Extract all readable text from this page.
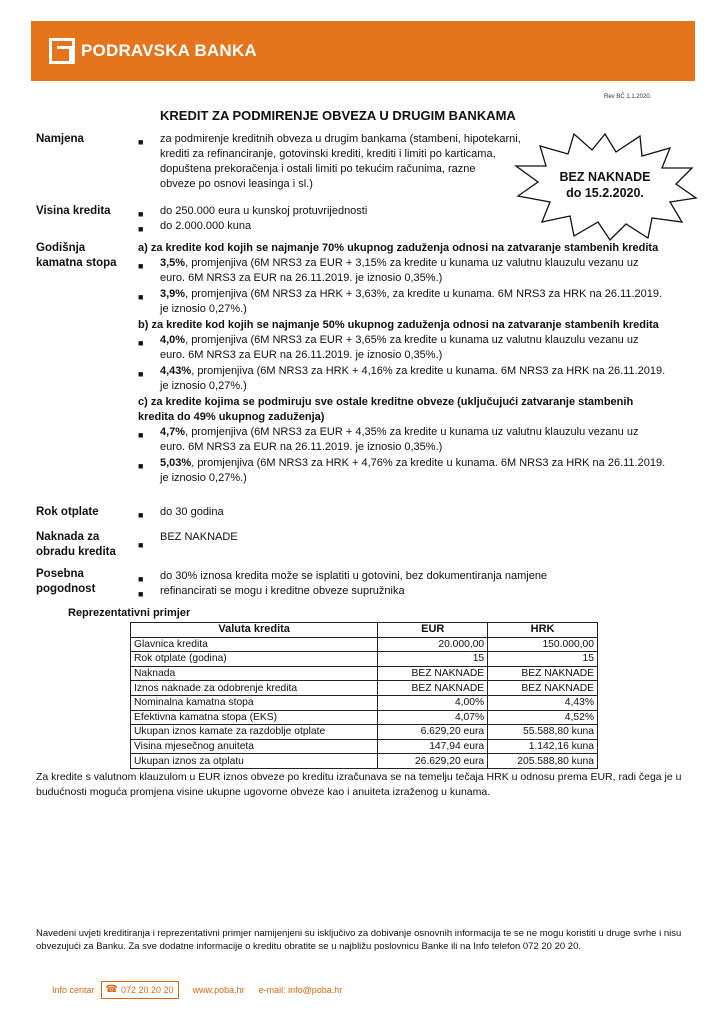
PODRAVSKA BANKA
Rev BČ 1.1.2020.
KREDIT ZA PODMIRENJE OBVEZA U DRUGIM BANKAMA
BEZ NAKNADE
do 15.2.2020.
Namjena	■ za podmirenje kreditnih obveza u drugim bankama (stambeni, hipotekarni,
krediti za refinanciranje, gotovinski krediti, krediti i limiti po karticama,
dopuštena prekoračenja i ostali limiti po tekućim računima, razne
obveze po osnovi leasinga i sl.)
Visina kredita	■ do 250.000 eura u kunskoj protuvrijednosti
■ do 2.000.000 kuna
Godišnja
kamatna stopa
a) za kredite kod kojih se najmanje 70% ukupnog zaduženja odnosi na zatvaranje stambenih kredita
■ 3,5%, promjenjiva (6M NRS3 za EUR + 3,15% za kredite u kunama uz valutnu klauzulu vezanu uz
euro. 6M NRS3 za EUR na 26.11.2019. je iznosio 0,35%.)
■ 3,9%, promjenjiva (6M NRS3 za HRK + 3,63%, za kredite u kunama. 6M NRS3 za HRK na 26.11.2019.
je iznosio 0,27%.)
b) za kredite kod kojih se najmanje 50% ukupnog zaduženja odnosi na zatvaranje stambenih kredita
■ 4,0%, promjenjiva (6M NRS3 za EUR + 3,65% za kredite u kunama uz valutnu klauzulu vezanu uz
euro. 6M NRS3 za EUR na 26.11.2019. je iznosio 0,35%.)
■ 4,43%, promjenjiva (6M NRS3 za HRK + 4,16% za kredite u kunama. 6M NRS3 za HRK na 26.11.2019.
je iznosio 0,27%.)
c) za kredite kojima se podmiruju sve ostale kreditne obveze (uključujući zatvaranje stambenih
kredita do 49% ukupnog zaduženja)
■ 4,7%, promjenjiva (6M NRS3 za EUR + 4,35% za kredite u kunama uz valutnu klauzulu vezanu uz
euro. 6M NRS3 za EUR na 26.11.2019. je iznosio 0,35%.)
■ 5,03%, promjenjiva (6M NRS3 za HRK + 4,76% za kredite u kunama. 6M NRS3 za HRK na 26.11.2019.
je iznosio 0,27%.)
Rok otplate	■ do 30 godina
Naknada za
obradu kredita
■
BEZ NAKNADE
Posebna
pogodnost
■ do 30% iznosa kredita može se isplatiti u gotovini, bez dokumentiranja namjene
■ refinancirati se mogu i kreditne obveze supružnika
Reprezentativni primjer
Valuta kredita	EUR	HRK
Glavnica kredita	20.000,00	150.000,00
Rok otplate (godina)	15	15
Naknada	BEZ NAKNADE	BEZ NAKNADE
Iznos naknade za odobrenje kredita	BEZ NAKNADE	BEZ NAKNADE
Nominalna kamatna stopa	4,00%	4,43%
Efektivna kamatna stopa (EKS)	4,07%	4,52%
Ukupan iznos kamate za razdoblje otplate	6.629,20 eura	55.588,80 kuna
Visina mjesečnog anuiteta	147,94 eura	1.142,16 kuna
Ukupan iznos za otplatu	26.629,20 eura	205.588,80 kuna
Za kredite s valutnom klauzulom u EUR iznos obveze po kreditu izračunava se na temelju tečaja HRK u odnosu prema EUR, radi čega je u budućnosti moguća promjena visine ukupne ugovorne obveze kao i anuiteta izraženog u kunama.
Navedeni uvjeti kreditiranja i reprezentativni primjer namijenjeni su isključivo za dobivanje osnovnih informacija te se ne mogu koristiti u druge svrhe i nisu obvezujući za Banku. Za sve dodatne informacije o kreditu obratite se u najbližu poslovnicu Banke ili na Info telefon 072 20 20 20.
Info centar ☎ 072 20 20 20 www.poba.hr e-mail: info@poba.hr
